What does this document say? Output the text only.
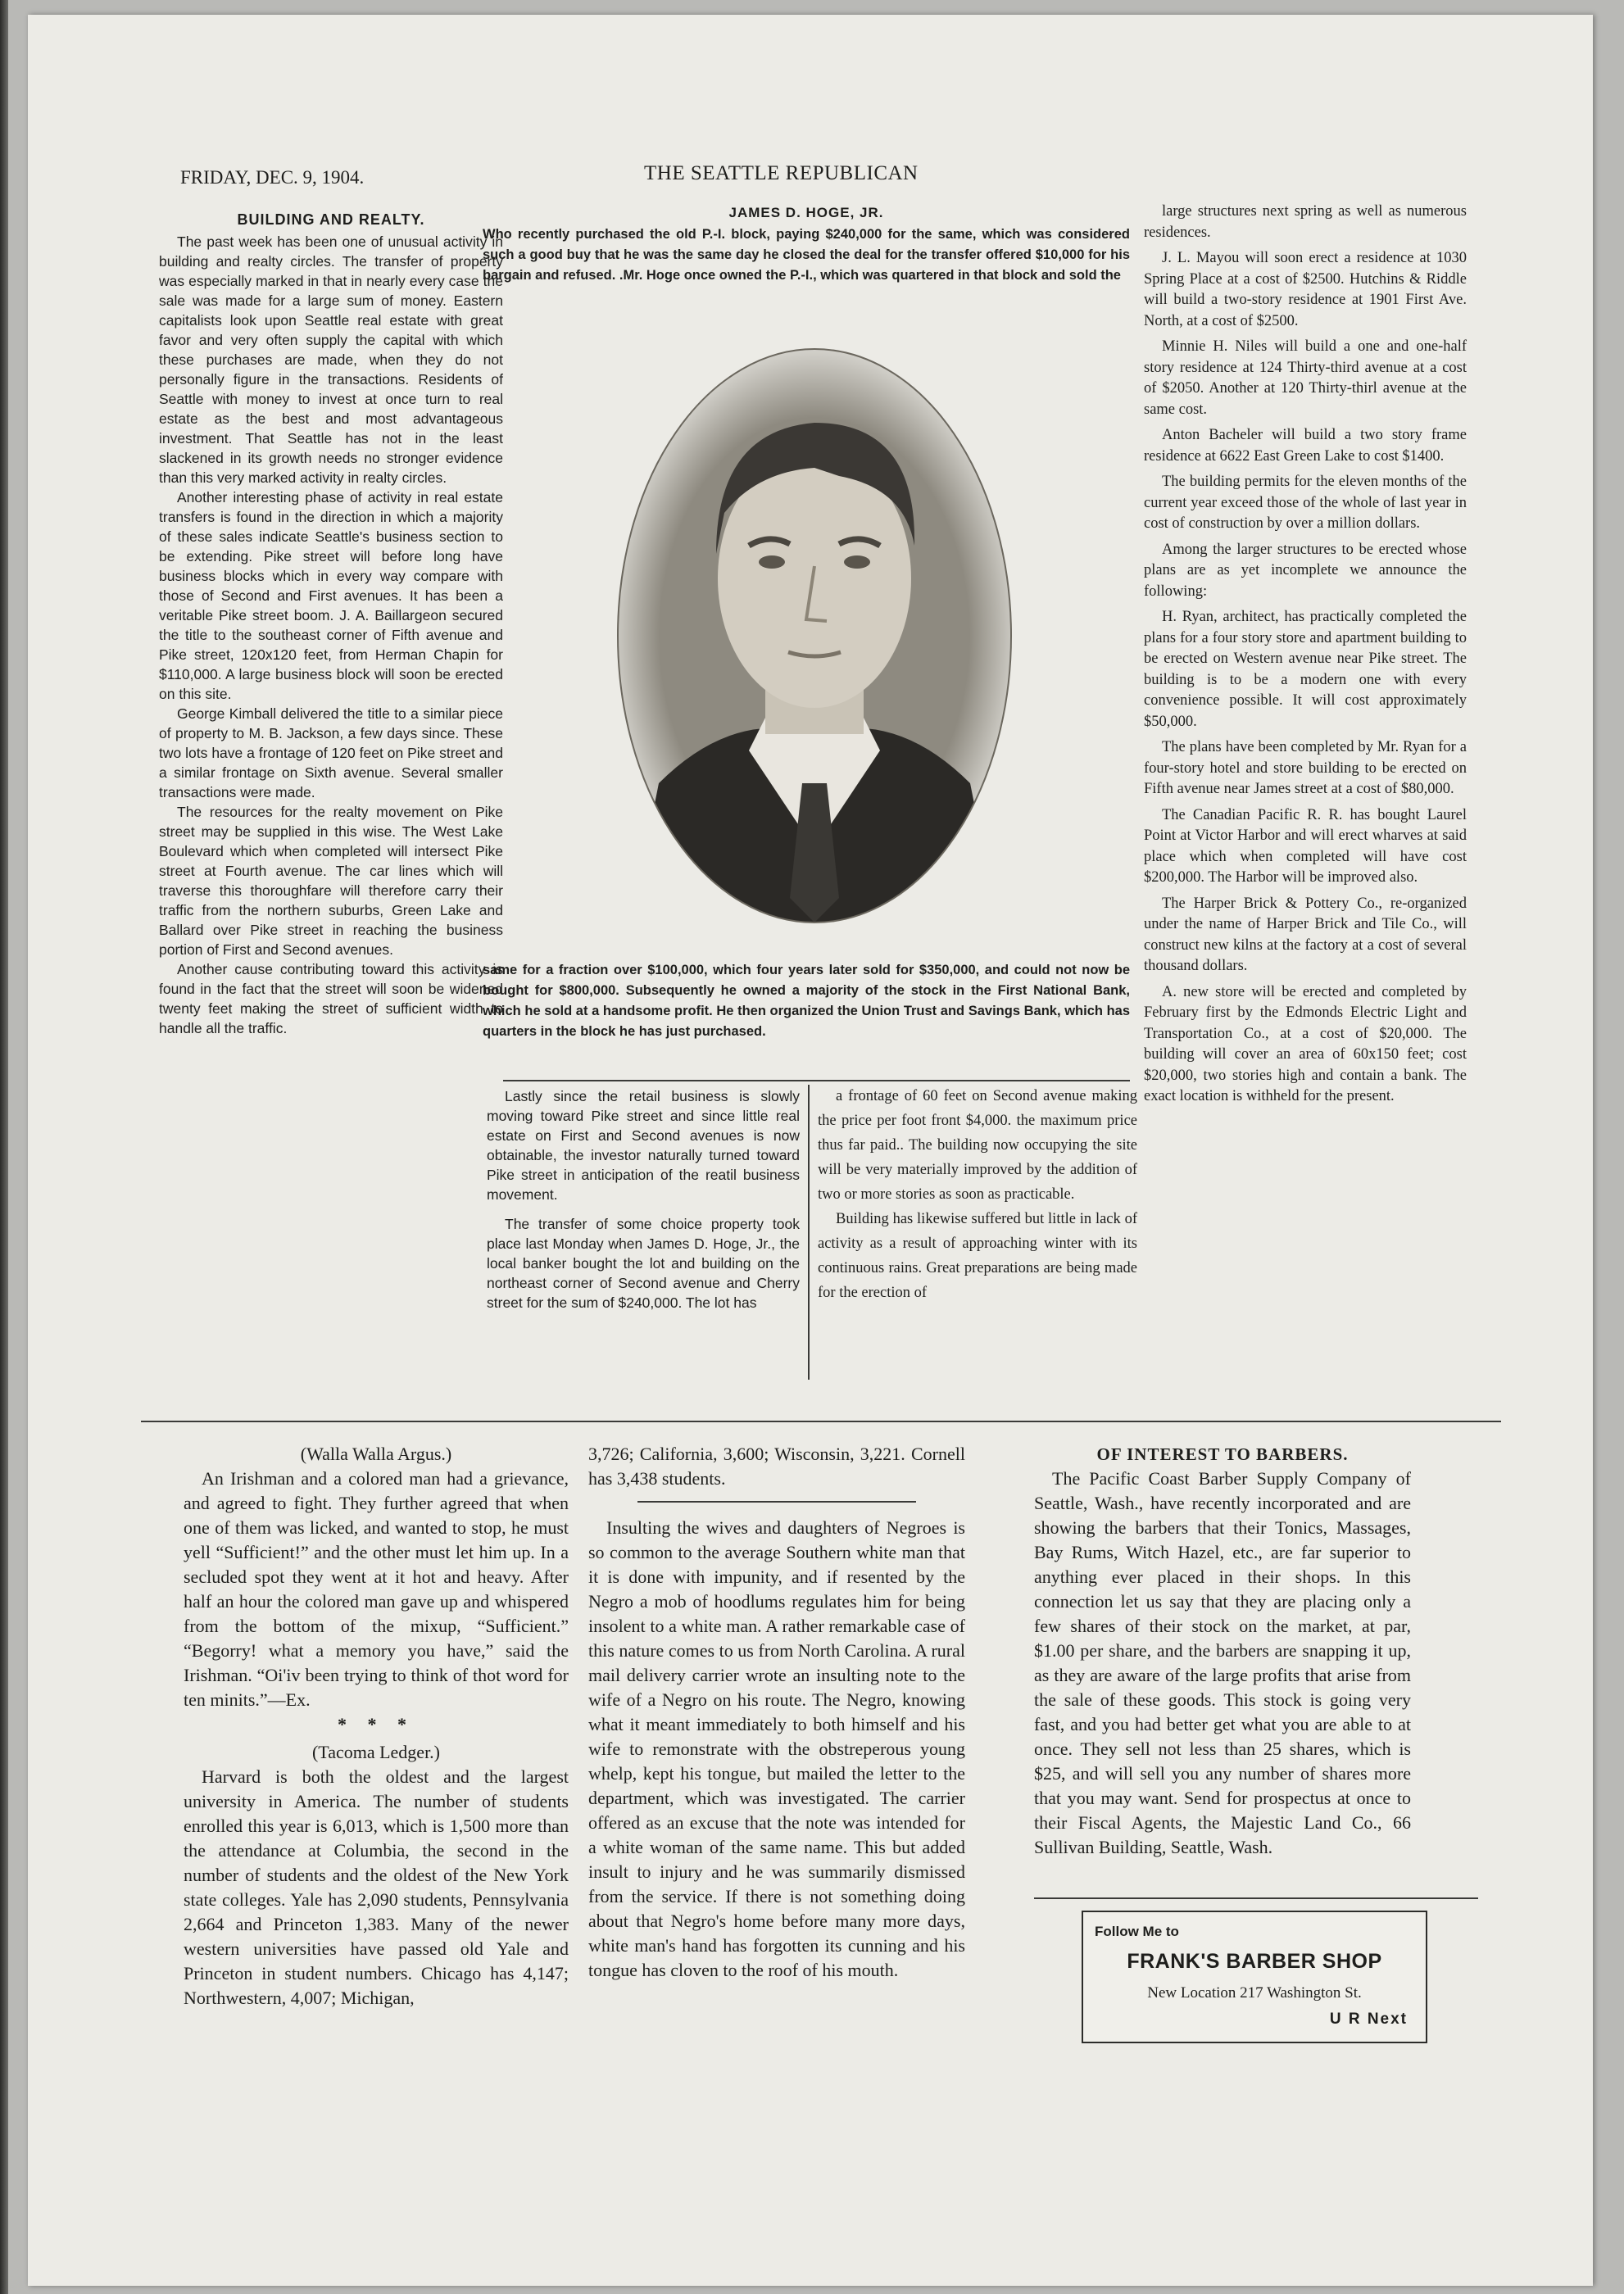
FRIDAY, DEC. 9, 1904.	THE SEATTLE REPUBLICAN
BUILDING AND REALTY.

The past week has been one of unusual activity in building and realty circles. The transfer of property was especially marked in that in nearly every case the sale was made for a large sum of money. Eastern capitalists look upon Seattle real estate with great favor and very often supply the capital with which these purchases are made, when they do not personally figure in the transactions. Residents of Seattle with money to invest at once turn to real estate as the best and most advantageous investment. That Seattle has not in the least slackened in its growth needs no stronger evidence than this very marked activity in realty circles.

Another interesting phase of activity in real estate transfers is found in the direction in which a majority of these sales indicate Seattle's business section to be extending. Pike street will before long have business blocks which in every way compare with those of Second and First avenues. It has been a veritable Pike street boom. J. A. Baillargeon secured the title to the southeast corner of Fifth avenue and Pike street, 120x120 feet, from Herman Chapin for $110,000. A large business block will soon be erected on this site.

George Kimball delivered the title to a similar piece of property to M. B. Jackson, a few days since. These two lots have a frontage of 120 feet on Pike street and a similar frontage on Sixth avenue. Several smaller transactions were made.

The resources for the realty movement on Pike street may be supplied in this wise. The West Lake Boulevard which when completed will intersect Pike street at Fourth avenue. The car lines which will traverse this thoroughfare will therefore carry their traffic from the northern suburbs, Green Lake and Ballard over Pike street in reaching the business portion of First and Second avenues.

Another cause contributing toward this activity is found in the fact that the street will soon be widened twenty feet making the street of sufficient width to handle all the traffic.

JAMES D. HOGE, JR.
Who recently purchased the old P.-I. block, paying $240,000 for the same, which was considered such a good buy that he was the same day he closed the deal for the transfer offered $10,000 for his bargain and refused. .Mr. Hoge once owned the P.-I., which was quartered in that block and sold the
same for a fraction over $100,000, which four years later sold for $350,000, and could not now be bought for $800,000. Subsequently he owned a majority of the stock in the First National Bank, which he sold at a handsome profit. He then organized the Union Trust and Savings Bank, which has quarters in the block he has just purchased.

Lastly since the retail business is slowly moving toward Pike street and since little real estate on First and Second avenues is now obtainable, the investor naturally turned toward Pike street in anticipation of the reatil business movement.

The transfer of some choice property took place last Monday when James D. Hoge, Jr., the local banker bought the lot and building on the northeast corner of Second avenue and Cherry street for the sum of $240,000. The lot has

a frontage of 60 feet on Second avenue making the price per foot front $4,000. the maximum price thus far paid.. The building now occupying the site will be very materially improved by the addition of two or more stories as soon as practicable.

Building has likewise suffered but little in lack of activity as a result of approaching winter with its continuous rains. Great preparations are being made for the erection of

large structures next spring as well as numerous residences.

J. L. Mayou will soon erect a residence at 1030 Spring Place at a cost of $2500. Hutchins & Riddle will build a two-story residence at 1901 First Ave. North, at a cost of $2500.

Minnie H. Niles will build a one and one-half story residence at 124 Thirty-third avenue at a cost of $2050. Another at 120 Thirty-thirl avenue at the same cost.

Anton Bacheler will build a two story frame residence at 6622 East Green Lake to cost $1400.

The building permits for the eleven months of the current year exceed those of the whole of last year in cost of construction by over a million dollars.

Among the larger structures to be erected whose plans are as yet incomplete we announce the following:

H. Ryan, architect, has practically completed the plans for a four story store and apartment building to be erected on Western avenue near Pike street. The building is to be a modern one with every convenience possible. It will cost approximately $50,000.

The plans have been completed by Mr. Ryan for a four-story hotel and store building to be erected on Fifth avenue near James street at a cost of $80,000.

The Canadian Pacific R. R. has bought Laurel Point at Victor Harbor and will erect wharves at said place which when completed will have cost $200,000. The Harbor will be improved also.

The Harper Brick & Pottery Co., re-organized under the name of Harper Brick and Tile Co., will construct new kilns at the factory at a cost of several thousand dollars.

A. new store will be erected and completed by February first by the Edmonds Electric Light and Transportation Co., at a cost of $20,000. The building will cover an area of 60x150 feet; cost $20,000, two stories high and contain a bank. The exact location is withheld for the present.

(Walla Walla Argus.)

An Irishman and a colored man had a grievance, and agreed to fight. They further agreed that when one of them was licked, and wanted to stop, he must yell “Sufficient!” and the other must let him up. In a secluded spot they went at it hot and heavy. After half an hour the colored man gave up and whispered from the bottom of the mixup, “Sufficient.” “Begorry! what a memory you have,” said the Irishman. “Oi'iv been trying to think of thot word for ten minits.”—Ex.

* * *
(Tacoma Ledger.)

Harvard is both the oldest and the largest university in America. The number of students enrolled this year is 6,013, which is 1,500 more than the attendance at Columbia, the second in the number of students and the oldest of the New York state colleges. Yale has 2,090 students, Pennsylvania 2,664 and Princeton 1,383. Many of the newer western universities have passed old Yale and Princeton in student numbers. Chicago has 4,147; Northwestern, 4,007; Michigan,

3,726; California, 3,600; Wisconsin, 3,221. Cornell has 3,438 students.

Insulting the wives and daughters of Negroes is so common to the average Southern white man that it is done with impunity, and if resented by the Negro a mob of hoodlums regulates him for being insolent to a white man. A rather remarkable case of this nature comes to us from North Carolina. A rural mail delivery carrier wrote an insulting note to the wife of a Negro on his route. The Negro, knowing what it meant immediately to both himself and his wife to remonstrate with the obstreperous young whelp, kept his tongue, but mailed the letter to the department, which was investigated. The carrier offered as an excuse that the note was intended for a white woman of the same name. This but added insult to injury and he was summarily dismissed from the service. If there is not something doing about that Negro's home before many more days, white man's hand has forgotten its cunning and his tongue has cloven to the roof of his mouth.

OF INTEREST TO BARBERS.

The Pacific Coast Barber Supply Company of Seattle, Wash., have recently incorporated and are showing the barbers that their Tonics, Massages, Bay Rums, Witch Hazel, etc., are far superior to anything ever placed in their shops. In this connection let us say that they are placing only a few shares of their stock on the market, at par, $1.00 per share, and the barbers are snapping it up, as they are aware of the large profits that arise from the sale of these goods. This stock is going very fast, and you had better get what you are able to at once. They sell not less than 25 shares, which is $25, and will sell you any number of shares more that you may want. Send for prospectus at once to their Fiscal Agents, the Majestic Land Co., 66 Sullivan Building, Seattle, Wash.

Follow Me to
FRANK'S BARBER SHOP
New Location 217 Washington St.
U R Next
